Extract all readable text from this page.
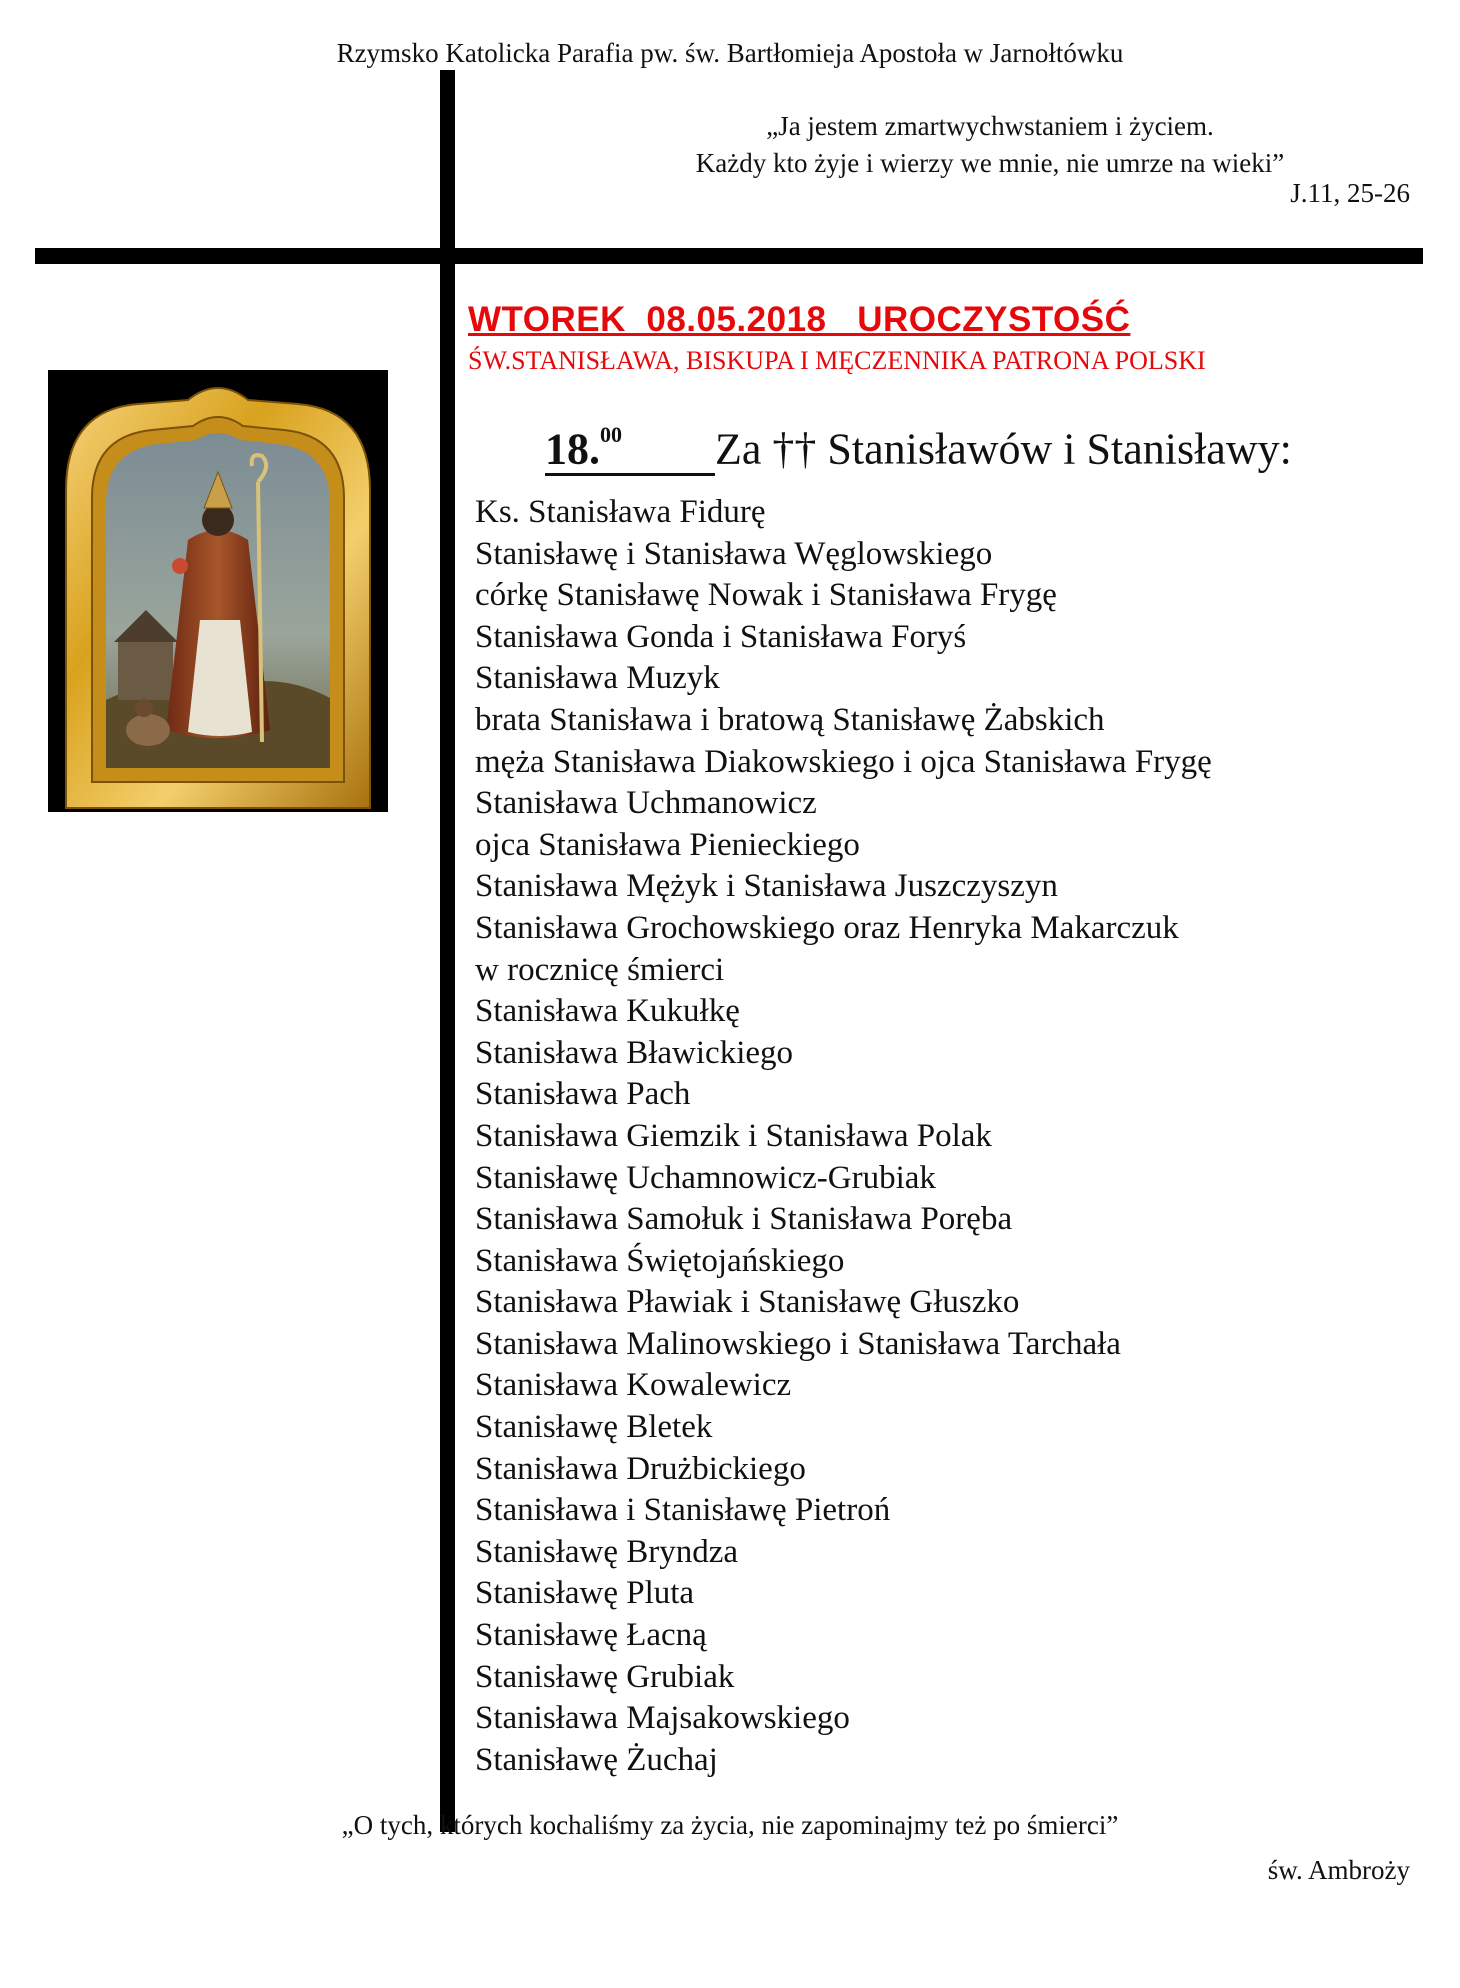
Rzymsko Katolicka Parafia pw. św. Bartłomieja Apostoła w Jarnołtówku
„Ja jestem zmartwychwstaniem i życiem.
Każdy kto żyje i wierzy we mnie, nie umrze na wieki”
J.11, 25-26
WTOREK  08.05.2018   UROCZYSTOŚĆ
ŚW.STANISŁAWA, BISKUPA I MĘCZENNIKA PATRONA POLSKI
18.00 Za †† Stanisławów i Stanisławy:
Ks. Stanisława Fidurę
Stanisławę i Stanisława Węglowskiego
córkę Stanisławę Nowak i Stanisława Frygę
Stanisława Gonda i Stanisława Foryś
Stanisława Muzyk
brata Stanisława i bratową Stanisławę Żabskich
męża Stanisława Diakowskiego i ojca Stanisława Frygę
Stanisława Uchmanowicz
ojca Stanisława Pienieckiego
Stanisława Mężyk i Stanisława Juszczyszyn
Stanisława Grochowskiego oraz Henryka Makarczuk
w rocznicę śmierci
Stanisława Kukułkę
Stanisława Bławickiego
Stanisława Pach
Stanisława Giemzik i Stanisława Polak
Stanisławę Uchamnowicz-Grubiak
Stanisława Samołuk i Stanisława Poręba
Stanisława Świętojańskiego
Stanisława Pławiak i Stanisławę Głuszko
Stanisława Malinowskiego i Stanisława Tarchała
Stanisława Kowalewicz
Stanisławę Bletek
Stanisława Drużbickiego
Stanisława i Stanisławę Pietroń
Stanisławę Bryndza
Stanisławę Pluta
Stanisławę Łacną
Stanisławę Grubiak
Stanisława Majsakowskiego
Stanisławę Żuchaj
„O tych, których kochaliśmy za życia, nie zapominajmy też po śmierci”
św. Ambroży
